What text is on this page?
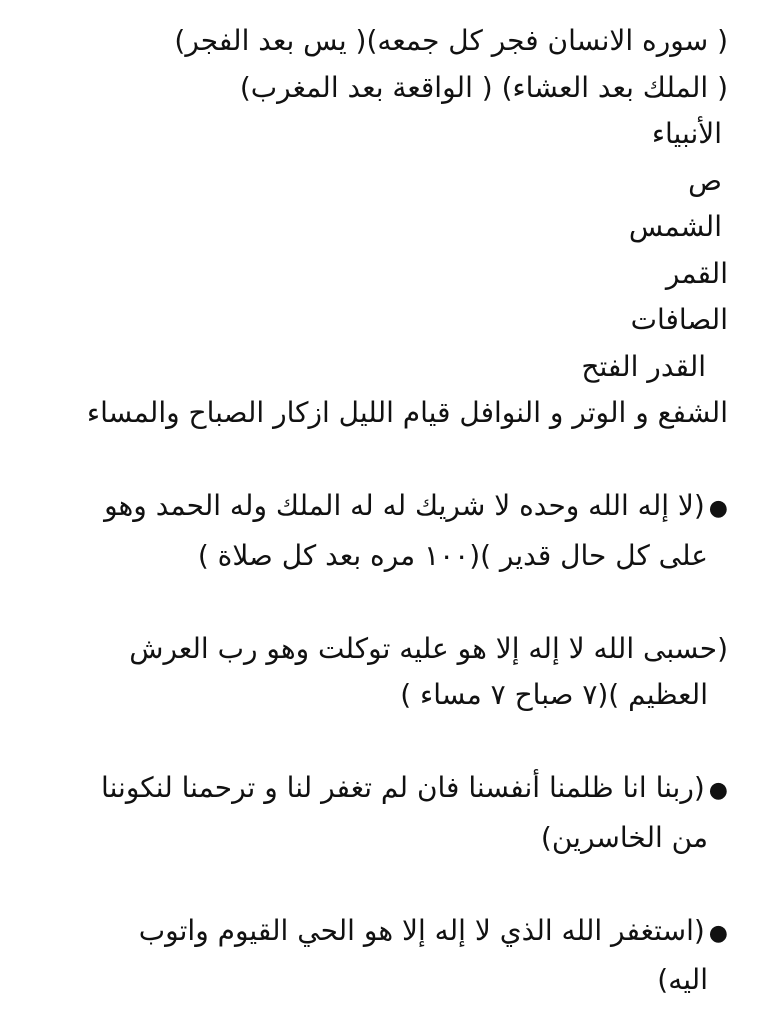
( سوره الانسان فجر كل جمعه)( يس بعد الفجر)

( الملك بعد العشاء) ( الواقعة بعد المغرب)

الأنبياء

ص

الشمس

القمر

الصافات

القدر الفتح

الشفع و الوتر و النوافل قيام الليل ازكار الصباح والمساء

●(لا إله الله وحده لا شريك له له الملك وله الحمد وهو

على كل حال قدير )(١٠٠ مره بعد كل صلاة )

(حسبى الله لا إله إلا هو عليه توكلت وهو رب العرش

العظيم )(٧ صباح ٧ مساء )

●(ربنا انا ظلمنا أنفسنا فان لم تغفر لنا و ترحمنا لنكوننا

من الخاسرين)

●(استغفر الله الذي لا إله إلا هو الحي القيوم واتوب

اليه)
